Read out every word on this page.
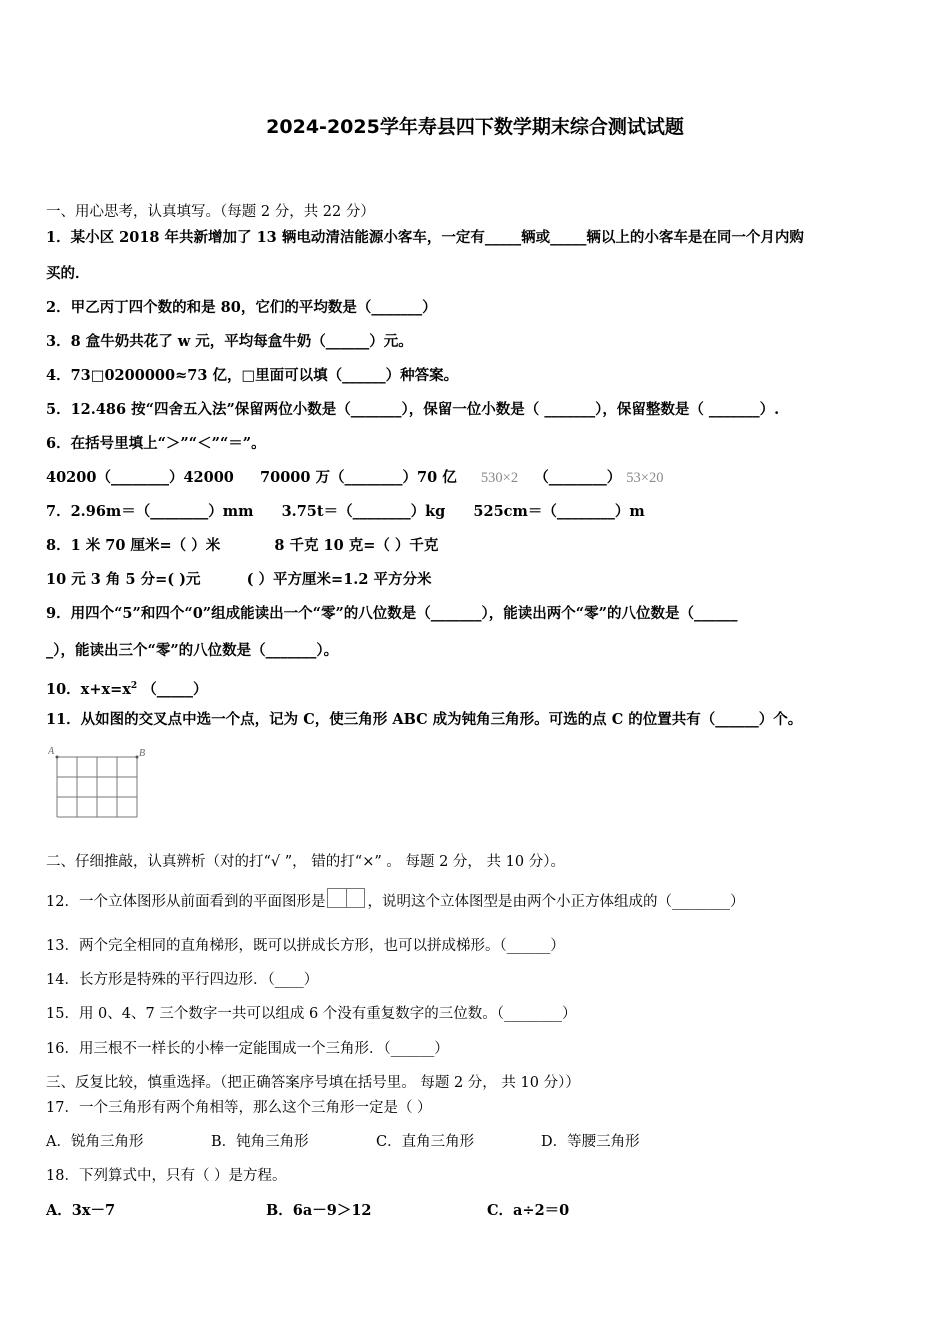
2024-2025学年寿县四下数学期末综合测试试题
一、用心思考，认真填写。（每题 2 分，共 22 分）
1．某小区 2018 年共新增加了 13 辆电动清洁能源小客车，一定有_____辆或_____辆以上的小客车是在同一个月内购
买的．
2．甲乙丙丁四个数的和是 80，它们的平均数是（_______）
3．8 盒牛奶共花了 w 元，平均每盒牛奶（______）元。
4．73□0200000≈73 亿，□里面可以填（______）种答案。
5．12.486 按“四舍五入法”保留两位小数是（_______），保留一位小数是（ _______），保留整数是（ _______）.
6．在括号里填上“＞”“＜”“＝”。
40200（________）42000 70000 万（________）70 亿 530×2 （________） 53×20
7．2.96m＝（________）mm 3.75t＝（________）kg 525cm＝（________）m
8．1 米 70 厘米=（ ）米	8 千克 10 克=（ ）千克
10 元 3 角 5 分=( )元	( ）平方厘米=1.2 平方分米
9．用四个“5”和四个“0”组成能读出一个“零”的八位数是（_______），能读出两个“零”的八位数是（______
_），能读出三个“零”的八位数是（_______）。
10．$x+x=x^2$ （_____）
11．从如图的交叉点中选一个点，记为 C，使三角形 ABC 成为钝角三角形。可选的点 C 的位置共有（______）个。
A	B
二、仔细推敲，认真辨析（对的打“√ ”， 错的打“×” 。 每题 2 分， 共 10 分）。
12．一个立体图形从前面看到的平面图形是	，说明这个立体图型是由两个小正方体组成的（________）
13．两个完全相同的直角梯形，既可以拼成长方形，也可以拼成梯形。（______）
14．长方形是特殊的平行四边形．（____）
15．用 0、4、7 三个数字一共可以组成 6 个没有重复数字的三位数。（________）
16．用三根不一样长的小棒一定能围成一个三角形．（______）
三、反复比较，慎重选择。（把正确答案序号填在括号里。 每题 2 分， 共 10 分））
17．一个三角形有两个角相等，那么这个三角形一定是（ ）
A．锐角三角形	B．钝角三角形	C．直角三角形	D．等腰三角形
18．下列算式中，只有（ ）是方程。
A．3x－7	B．6a－9＞12	C．a÷2＝0
